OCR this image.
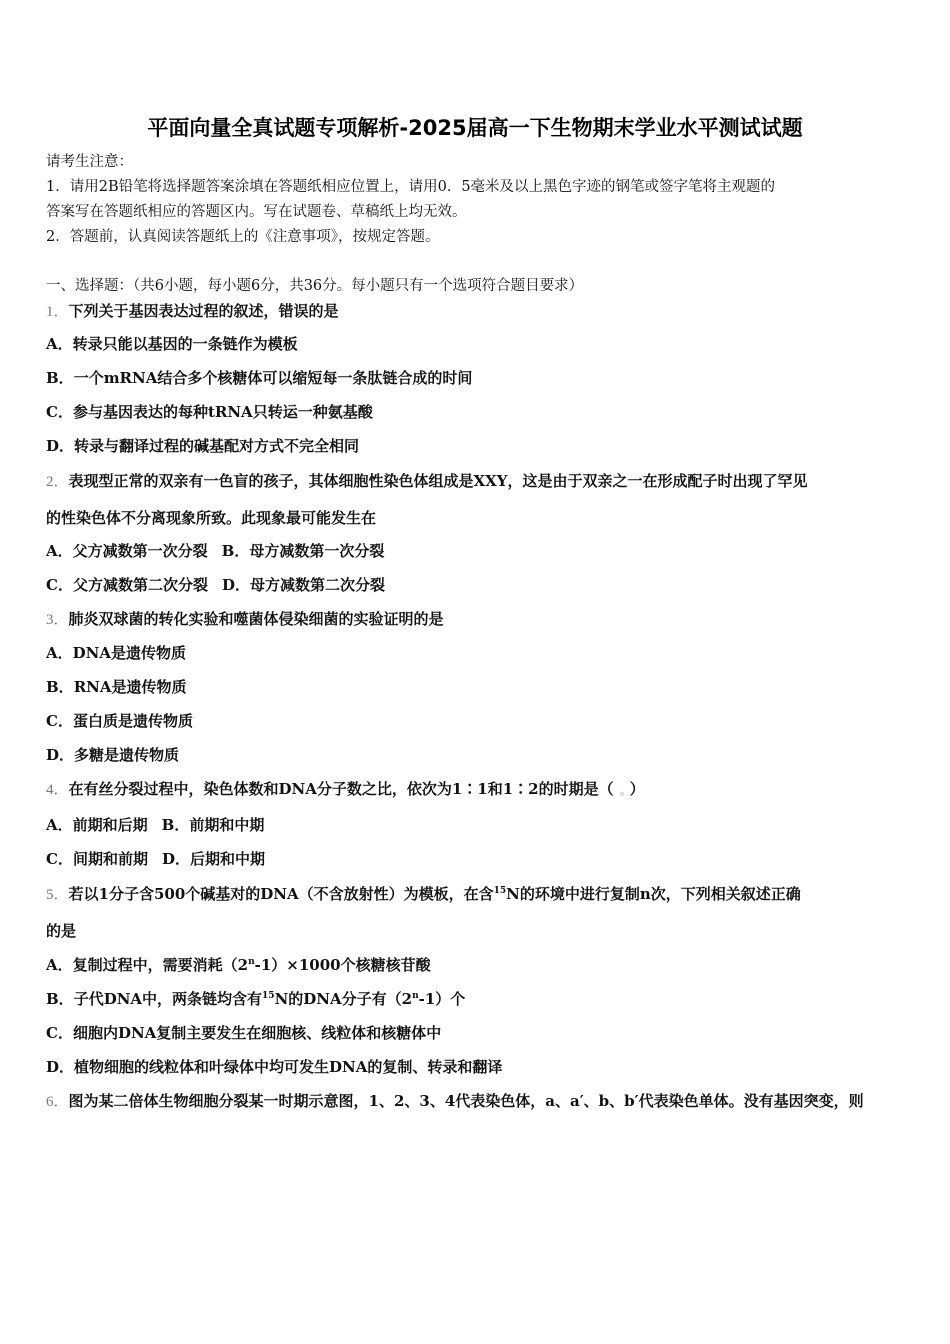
平面向量全真试题专项解析-2025届高一下生物期末学业水平测试试题
请考生注意：
1．请用2B铅笔将选择题答案涂填在答题纸相应位置上，请用0．5毫米及以上黑色字迹的钢笔或签字笔将主观题的
答案写在答题纸相应的答题区内。写在试题卷、草稿纸上均无效。
2．答题前，认真阅读答题纸上的《注意事项》，按规定答题。
一、选择题：（共6小题，每小题6分，共36分。每小题只有一个选项符合题目要求）
1．下列关于基因表达过程的叙述，错误的是
A．转录只能以基因的一条链作为模板
B．一个mRNA结合多个核糖体可以缩短每一条肽链合成的时间
C．参与基因表达的每种tRNA只转运一种氨基酸
D．转录与翻译过程的碱基配对方式不完全相同
2．表现型正常的双亲有一色盲的孩子，其体细胞性染色体组成是XXY，这是由于双亲之一在形成配子时出现了罕见
的性染色体不分离现象所致。此现象最可能发生在
A．父方减数第一次分裂 B．母方减数第一次分裂
C．父方减数第二次分裂 D．母方减数第二次分裂
3．肺炎双球菌的转化实验和噬菌体侵染细菌的实验证明的是
A．DNA是遗传物质
B．RNA是遗传物质
C．蛋白质是遗传物质
D．多糖是遗传物质
4．在有丝分裂过程中，染色体数和DNA分子数之比，依次为1∶1和1∶2的时期是（ ）
A．前期和后期 B．前期和中期
C．间期和前期 D．后期和中期
5．若以1分子含500个碱基对的DNA（不含放射性）为模板，在含$^{15}$N的环境中进行复制n次，下列相关叙述正确
的是
A．复制过程中，需要消耗$(2^n-1)\times 1000$个核糖核苷酸
B．子代DNA中，两条链均含有$^{15}$N的DNA分子有（2$^n$-1）个
C．细胞内DNA复制主要发生在细胞核、线粒体和核糖体中
D．植物细胞的线粒体和叶绿体中均可发生DNA的复制、转录和翻译
6．图为某二倍体生物细胞分裂某一时期示意图，1、2、3、4代表染色体，a、a′、b、b′代表染色单体。没有基因突变，则
